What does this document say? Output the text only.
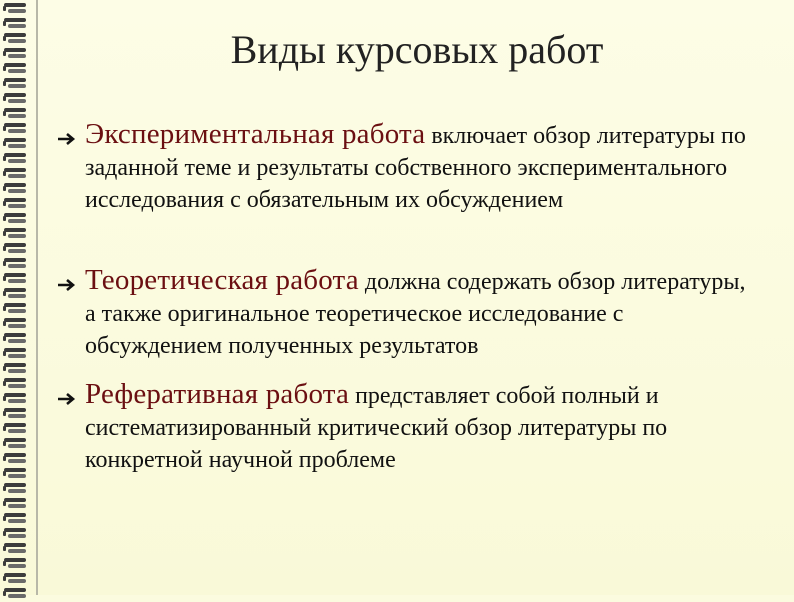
Виды курсовых работ
Экспериментальная работа включает обзор литературы по заданной теме и результаты собственного экспериментального исследования с обязательным их обсуждением
Теоретическая работа должна содержать обзор литературы, а также оригинальное теоретическое исследование с обсуждением полученных результатов
Реферативная работа представляет собой полный и систематизированный критический обзор литературы по конкретной научной проблеме
